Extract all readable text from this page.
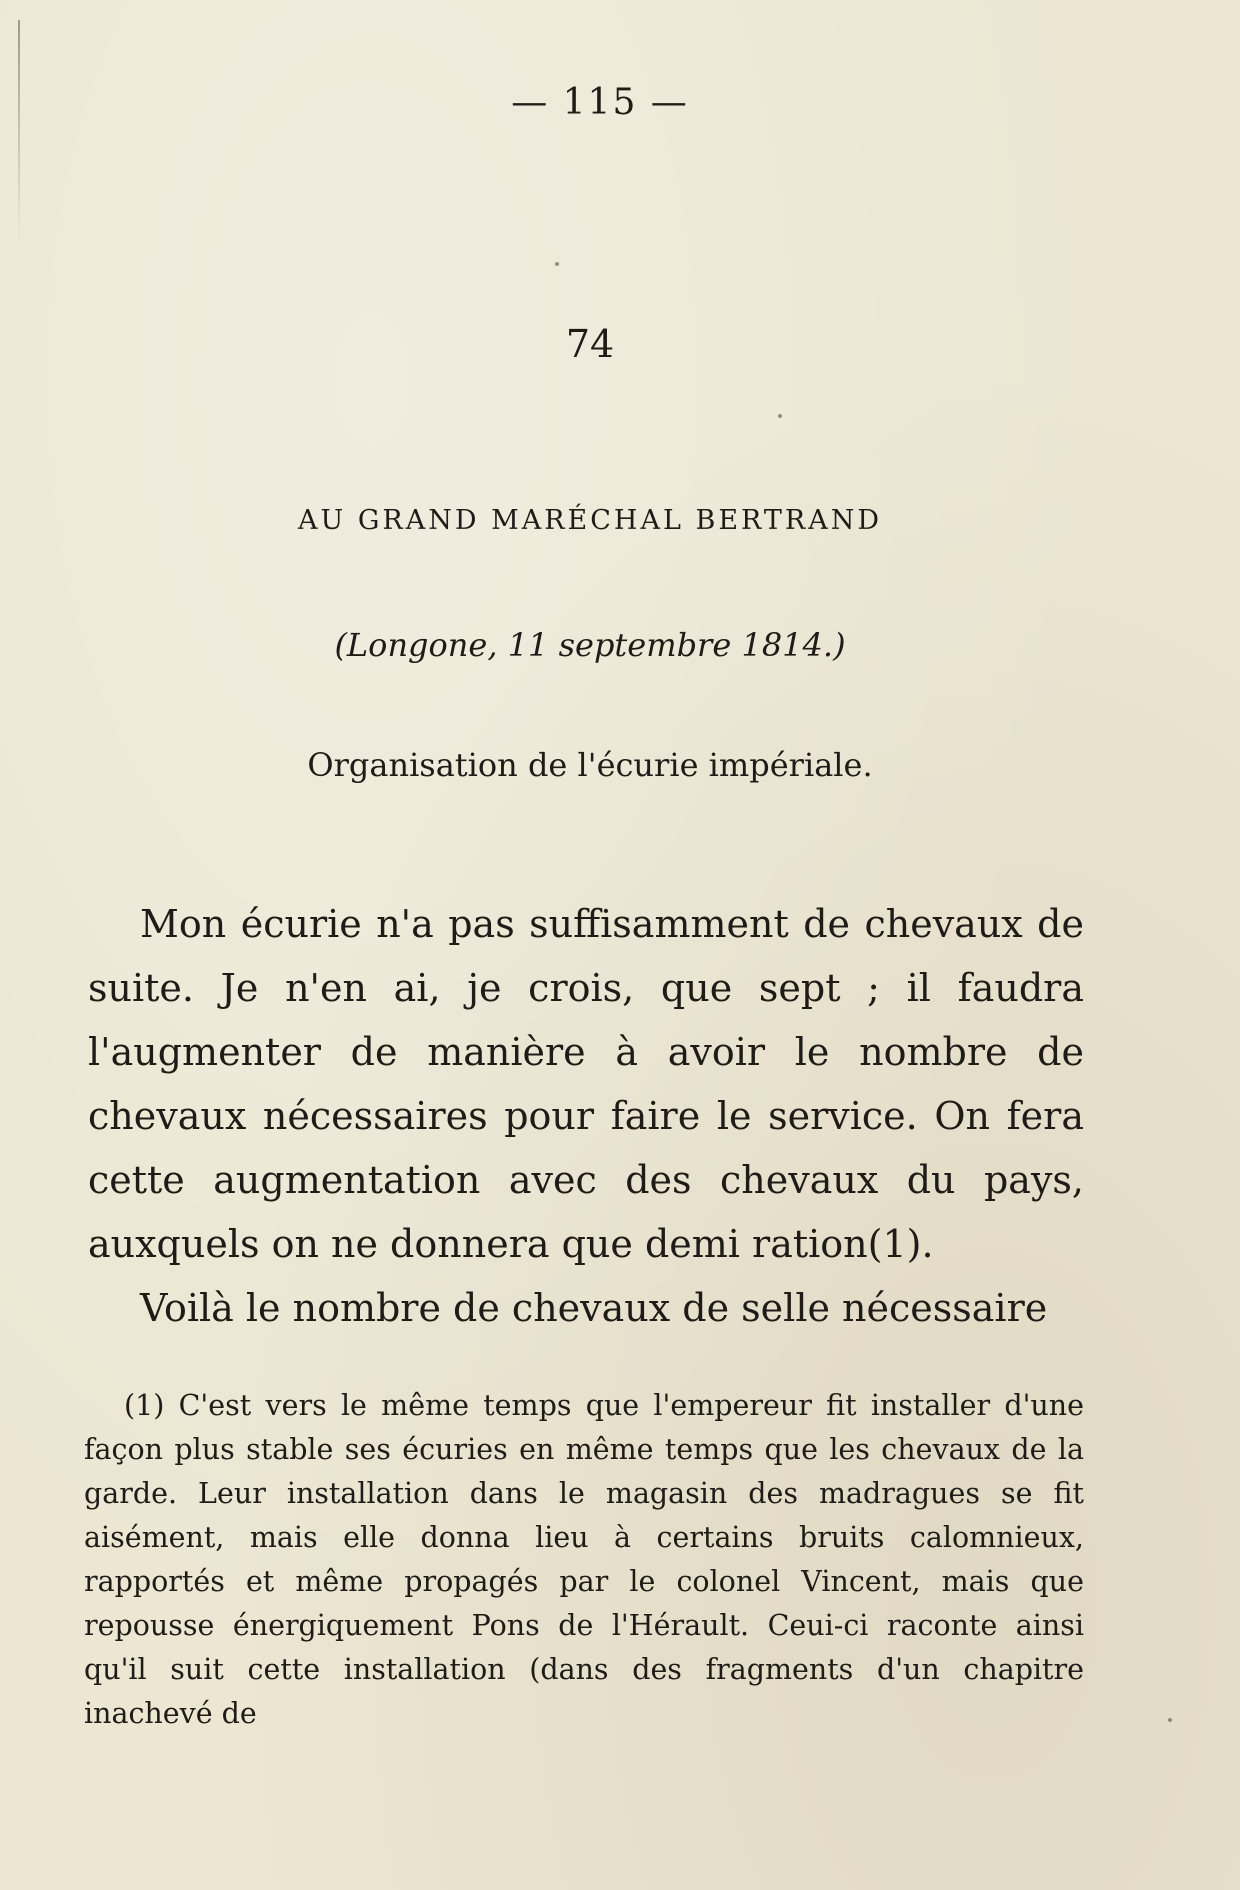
— 115 —
74
AU GRAND MARÉCHAL BERTRAND
(Longone, 11 septembre 1814.)
Organisation de l'écurie impériale.

Mon écurie n'a pas suffisamment de chevaux de suite. Je n'en ai, je crois, que sept ; il faudra l'augmenter de manière à avoir le nombre de chevaux nécessaires pour faire le service. On fera cette augmentation avec des chevaux du pays, auxquels on ne donnera que demi ration(1).

Voilà le nombre de chevaux de selle nécessaire

(1) C'est vers le même temps que l'empereur fit installer d'une façon plus stable ses écuries en même temps que les chevaux de la garde. Leur installation dans le magasin des madragues se fit aisément, mais elle donna lieu à certains bruits calomnieux, rapportés et même propagés par le colonel Vincent, mais que repousse énergiquement Pons de l'Hérault. Ceui-ci raconte ainsi qu'il suit cette installation (dans des fragments d'un chapitre inachevé de
